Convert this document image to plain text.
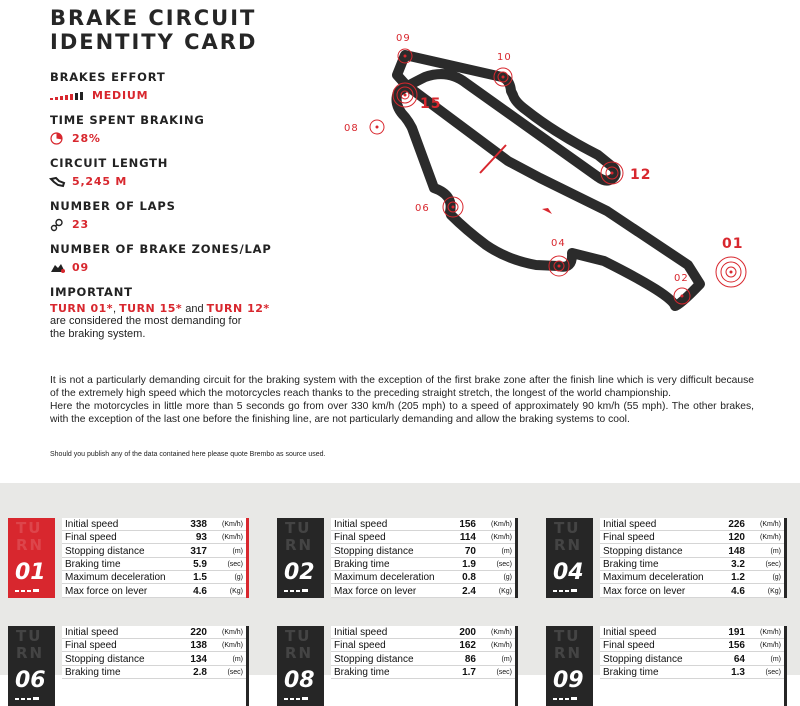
BRAKE CIRCUIT
IDENTITY CARD
BRAKES EFFORT
MEDIUM
TIME SPENT BRAKING
28%
CIRCUIT LENGTH
5,245 M
NUMBER OF LAPS
23
NUMBER OF BRAKE ZONES/LAP
09
IMPORTANT
TURN 01*, TURN 15* and TURN 12*
are considered the most demanding for the braking system.
09
10
15
08
12
06
04	01
02
It is not a particularly demanding circuit for the braking system with the exception of the first brake zone after the finish line which is very difficult because of the extremely high speed which the motorcycles reach thanks to the preceding straight stretch, the longest of the world championship.
Here the motorcycles in little more than 5 seconds go from over 330 km/h (205 mph) to a speed of approximately 90 km/h (55 mph). The other brakes, with the exception of the last one before the finishing line, are not particularly demanding and allow the braking systems to cool.
Should you publish any of the data contained here please quote Brembo as source used.
TU
RN
01
Initial speed	338 (Km/h)
Final speed	93 (Km/h)
Stopping distance	317	(m)
Braking time	5.9	(sec)
Maximum deceleration	1.5	(g)
Max force on lever	4.6	(Kg)
TU
RN
02
Initial speed	156 (Km/h)
Final speed	114 (Km/h)
Stopping distance	70	(m)
Braking time	1.9	(sec)
Maximum deceleration	0.8	(g)
Max force on lever	2.4	(Kg)
TU
RN
04
Initial speed	226 (Km/h)
Final speed	120 (Km/h)
Stopping distance	148	(m)
Braking time	3.2	(sec)
Maximum deceleration	1.2	(g)
Max force on lever	4.6	(Kg)
TU
RN
06
Initial speed	220 (Km/h)
Final speed	138 (Km/h)
Stopping distance	134	(m)
Braking time	2.8	(sec)
TU
RN
08
Initial speed	200 (Km/h)
Final speed	162 (Km/h)
Stopping distance	86	(m)
Braking time	1.7	(sec)
TU
RN
09
Initial speed	191 (Km/h)
Final speed	156 (Km/h)
Stopping distance	64	(m)
Braking time	1.3	(sec)
